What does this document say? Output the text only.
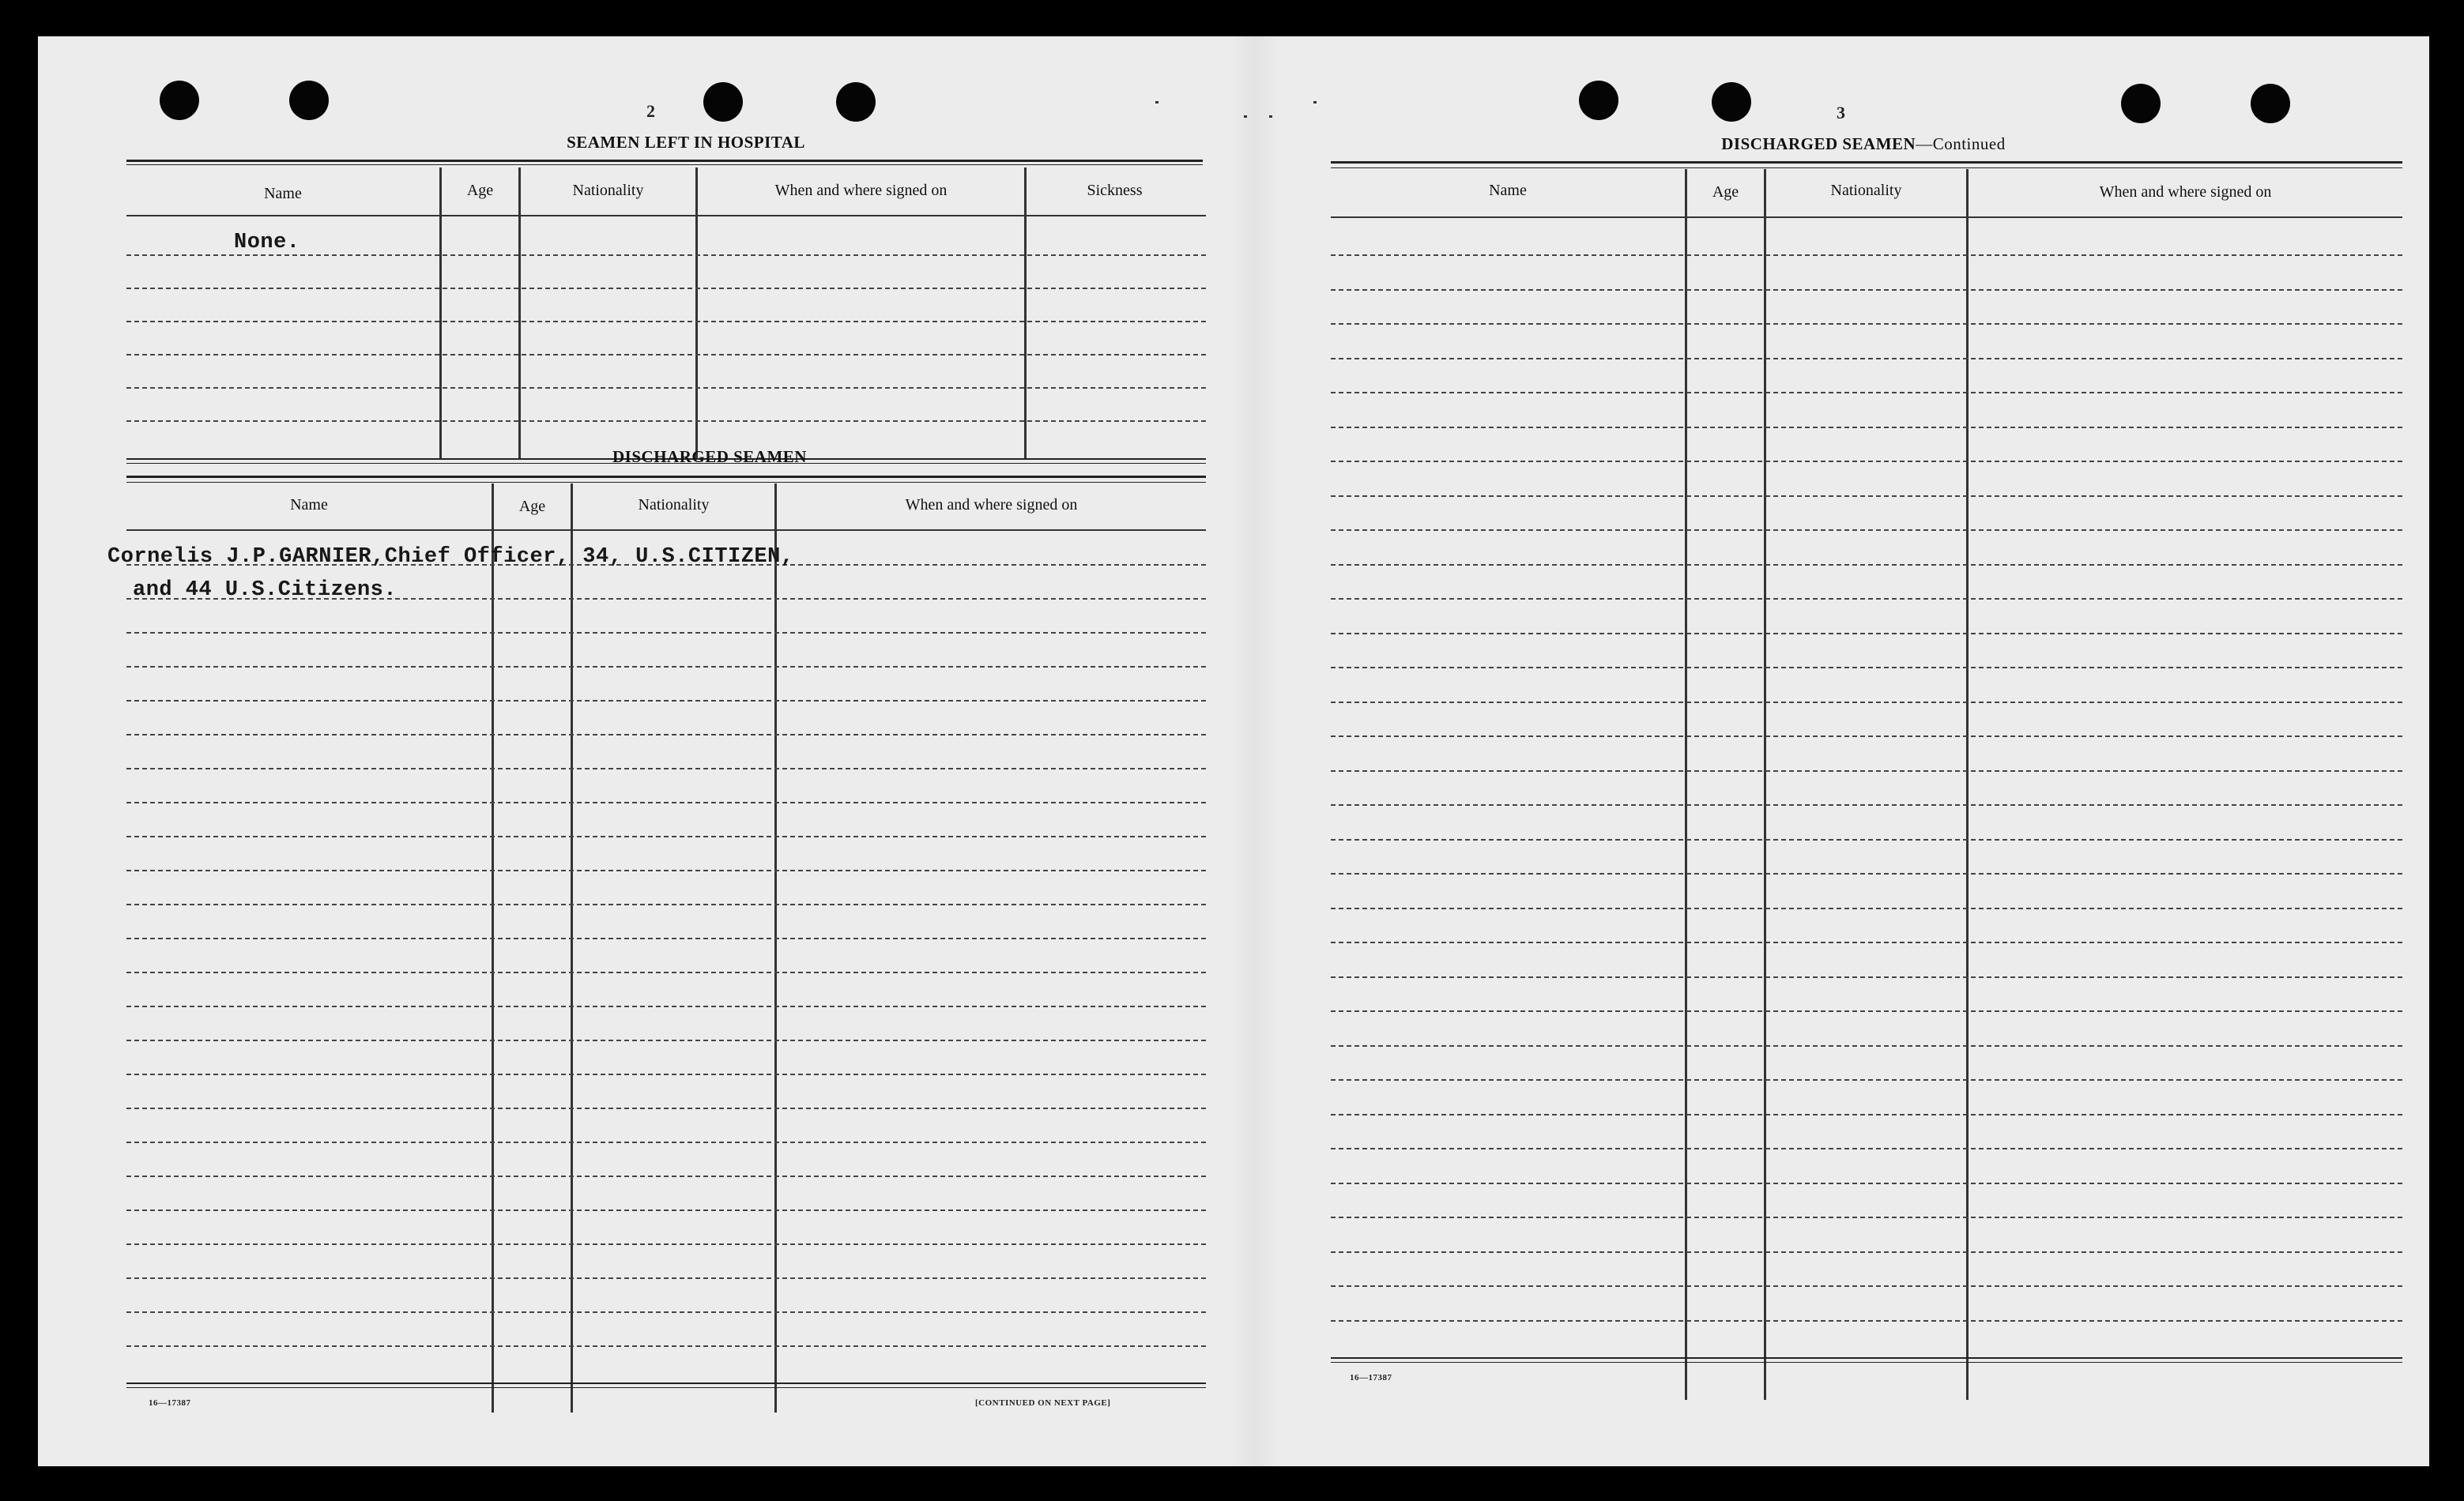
2
SEAMEN LEFT IN HOSPITAL
Name	Age	Nationality	When and where signed on	Sickness
None.
DISCHARGED SEAMEN
Name	Age	Nationality	When and where signed on
Cornelis J.P.GARNIER,Chief Officer, 34, U.S.CITIZEN,
and 44 U.S.Citizens.
16—17387	[CONTINUED ON NEXT PAGE]
3
DISCHARGED SEAMEN—Continued
Name	Age	Nationality	When and where signed on
16—17387
